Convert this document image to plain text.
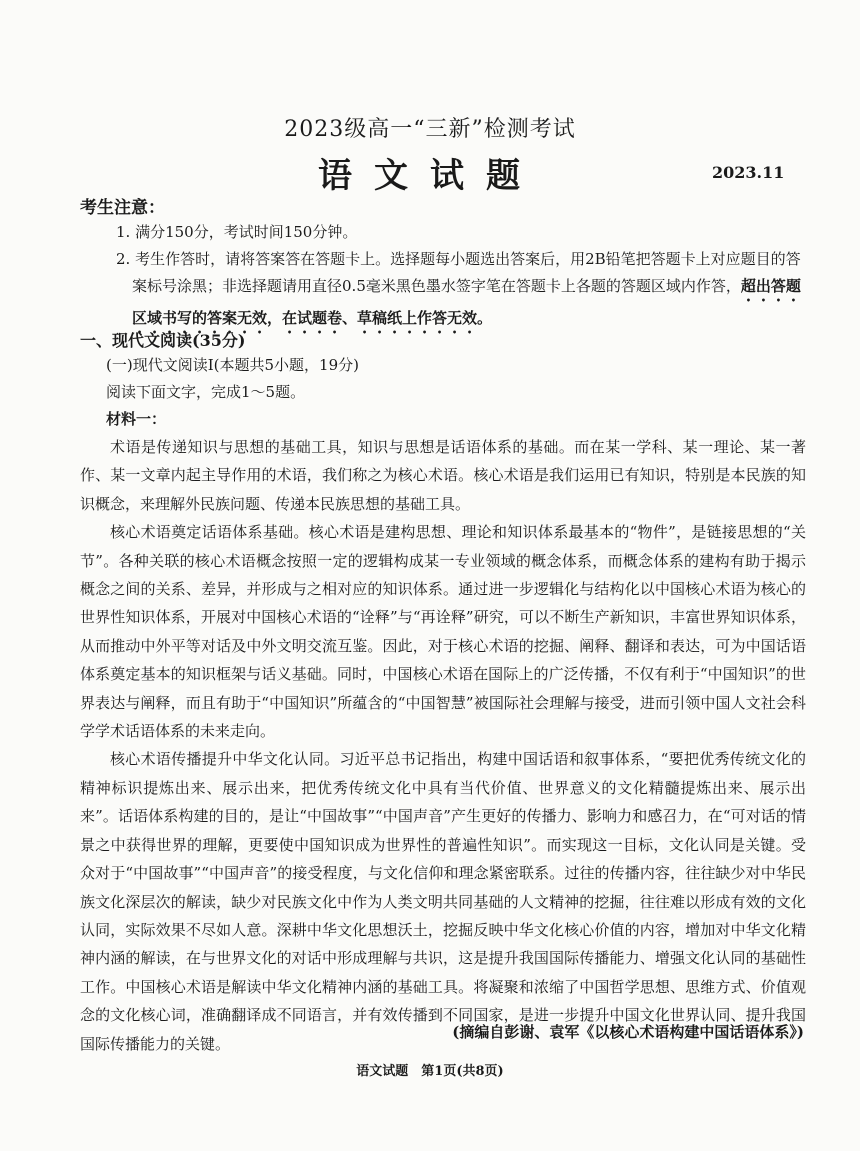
2023级高一“三新”检测考试
语文试题	2023.11
考生注意：

1. 满分150分，考试时间150分钟。

2. 考生作答时，请将答案答在答题卡上。选择题每小题选出答案后，用2B铅笔把答题卡上对应题目的答案标号涂黑；非选择题请用直径0.5毫米黑色墨水签字笔在答题卡上各题的答题区域内作答，超出答题区域书写的答案无效，在试题卷、草稿纸上作答无效。

一、现代文阅读(35分)
(一)现代文阅读Ⅰ(本题共5小题，19分)
阅读下面文字，完成1～5题。
材料一：

术语是传递知识与思想的基础工具，知识与思想是话语体系的基础。而在某一学科、某一理论、某一著作、某一文章内起主导作用的术语，我们称之为核心术语。核心术语是我们运用已有知识，特别是本民族的知识概念，来理解外民族问题、传递本民族思想的基础工具。

核心术语奠定话语体系基础。核心术语是建构思想、理论和知识体系最基本的“物件”，是链接思想的“关节”。各种关联的核心术语概念按照一定的逻辑构成某一专业领域的概念体系，而概念体系的建构有助于揭示概念之间的关系、差异，并形成与之相对应的知识体系。通过进一步逻辑化与结构化以中国核心术语为核心的世界性知识体系，开展对中国核心术语的“诠释”与“再诠释”研究，可以不断生产新知识，丰富世界知识体系，从而推动中外平等对话及中外文明交流互鉴。因此，对于核心术语的挖掘、阐释、翻译和表达，可为中国话语体系奠定基本的知识框架与话义基础。同时，中国核心术语在国际上的广泛传播，不仅有利于“中国知识”的世界表达与阐释，而且有助于“中国知识”所蕴含的“中国智慧”被国际社会理解与接受，进而引领中国人文社会科学学术话语体系的未来走向。

核心术语传播提升中华文化认同。习近平总书记指出，构建中国话语和叙事体系，“要把优秀传统文化的精神标识提炼出来、展示出来，把优秀传统文化中具有当代价值、世界意义的文化精髓提炼出来、展示出来”。话语体系构建的目的，是让“中国故事”“中国声音”产生更好的传播力、影响力和感召力，在“可对话的情景之中获得世界的理解，更要使中国知识成为世界性的普遍性知识”。而实现这一目标，文化认同是关键。受众对于“中国故事”“中国声音”的接受程度，与文化信仰和理念紧密联系。过往的传播内容，往往缺少对中华民族文化深层次的解读，缺少对民族文化中作为人类文明共同基础的人文精神的挖掘，往往难以形成有效的文化认同，实际效果不尽如人意。深耕中华文化思想沃土，挖掘反映中华文化核心价值的内容，增加对中华文化精神内涵的解读，在与世界文化的对话中形成理解与共识，这是提升我国国际传播能力、增强文化认同的基础性工作。中国核心术语是解读中华文化精神内涵的基础工具。将凝聚和浓缩了中国哲学思想、思维方式、价值观念的文化核心词，准确翻译成不同语言，并有效传播到不同国家，是进一步提升中国文化世界认同、提升我国国际传播能力的关键。

(摘编自彭谢、袁军《以核心术语构建中国话语体系》)
语文试题　第1页(共8页)
